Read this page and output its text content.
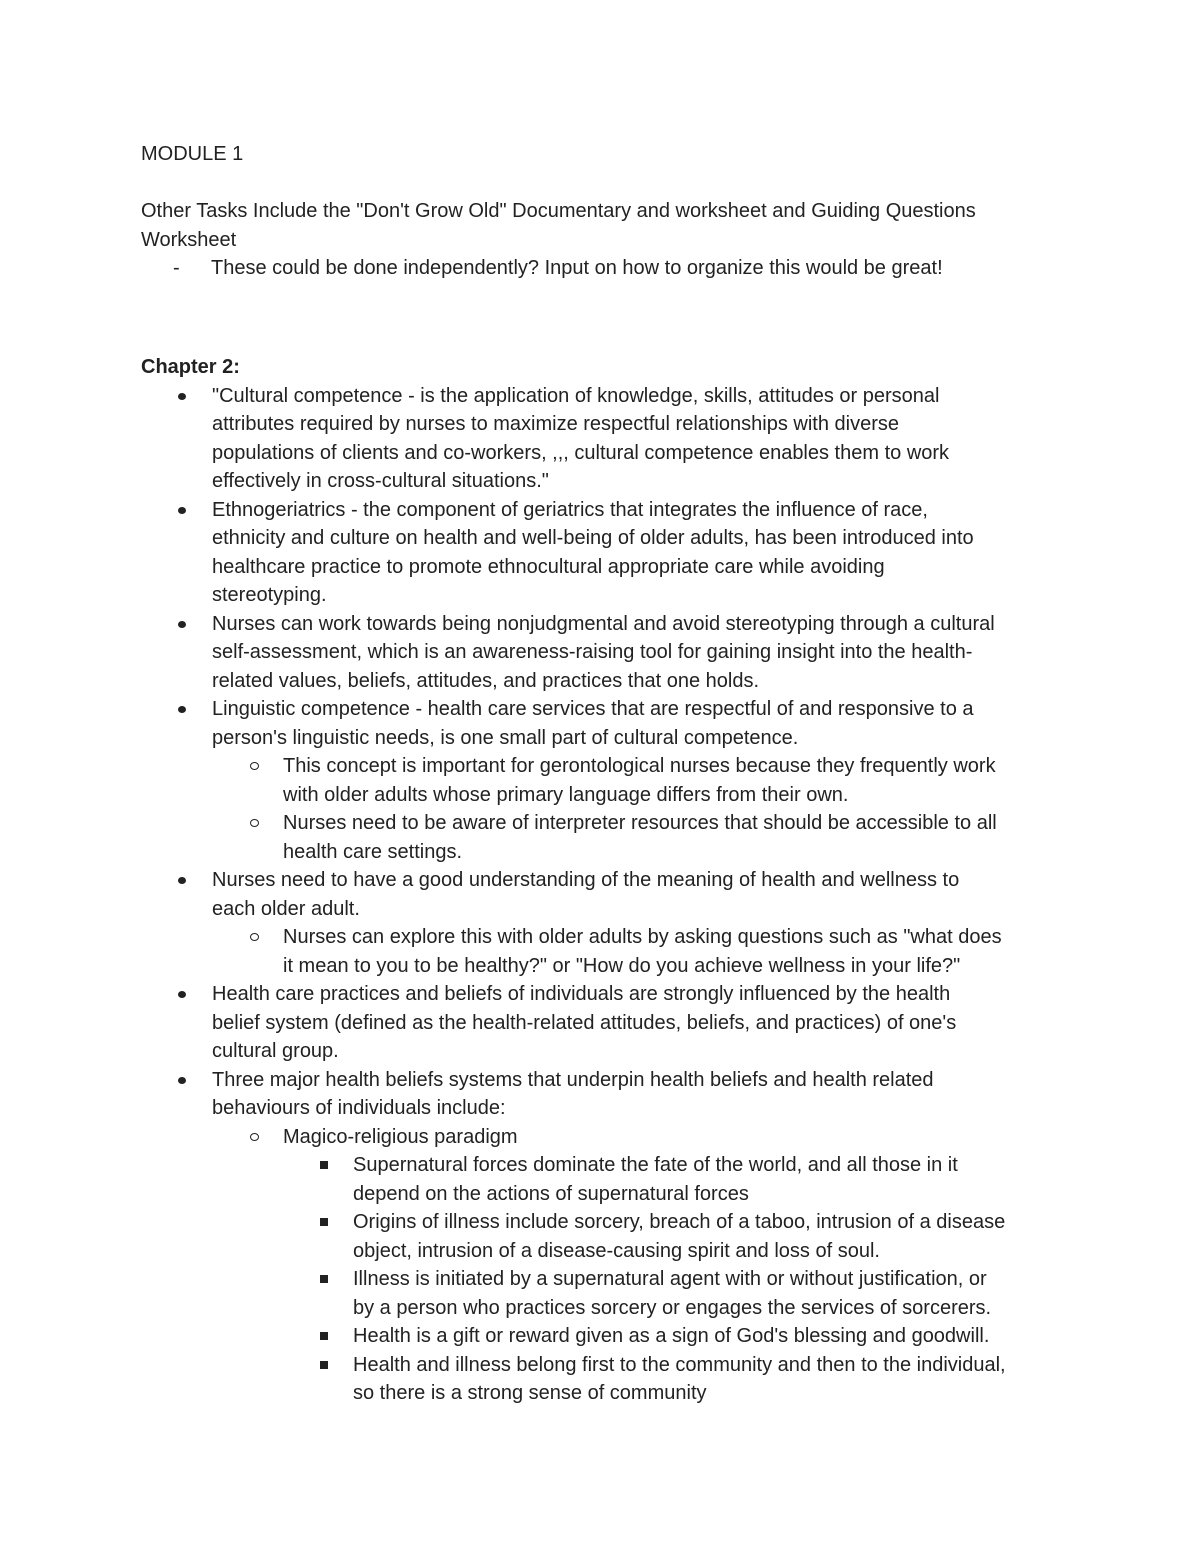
MODULE 1
Other Tasks Include the "Don't Grow Old" Documentary and worksheet and Guiding Questions
Worksheet
- These could be done independently? Input on how to organize this would be great!
Chapter 2:
"Cultural competence - is the application of knowledge, skills, attitudes or personal
attributes required by nurses to maximize respectful relationships with diverse
populations of clients and co-workers, ,,, cultural competence enables them to work
effectively in cross-cultural situations."
Ethnogeriatrics - the component of geriatrics that integrates the influence of race,
ethnicity and culture on health and well-being of older adults, has been introduced into
healthcare practice to promote ethnocultural appropriate care while avoiding
stereotyping.
Nurses can work towards being nonjudgmental and avoid stereotyping through a cultural
self-assessment, which is an awareness-raising tool for gaining insight into the health-
related values, beliefs, attitudes, and practices that one holds.
Linguistic competence - health care services that are respectful of and responsive to a
person's linguistic needs, is one small part of cultural competence.
This concept is important for gerontological nurses because they frequently work
with older adults whose primary language differs from their own.
Nurses need to be aware of interpreter resources that should be accessible to all
health care settings.
Nurses need to have a good understanding of the meaning of health and wellness to
each older adult.
Nurses can explore this with older adults by asking questions such as "what does
it mean to you to be healthy?" or "How do you achieve wellness in your life?"
Health care practices and beliefs of individuals are strongly influenced by the health
belief system (defined as the health-related attitudes, beliefs, and practices) of one's
cultural group.
Three major health beliefs systems that underpin health beliefs and health related
behaviours of individuals include:
Magico-religious paradigm
Supernatural forces dominate the fate of the world, and all those in it
depend on the actions of supernatural forces
Origins of illness include sorcery, breach of a taboo, intrusion of a disease
object, intrusion of a disease-causing spirit and loss of soul.
Illness is initiated by a supernatural agent with or without justification, or
by a person who practices sorcery or engages the services of sorcerers.
Health is a gift or reward given as a sign of God's blessing and goodwill.
Health and illness belong first to the community and then to the individual,
so there is a strong sense of community
